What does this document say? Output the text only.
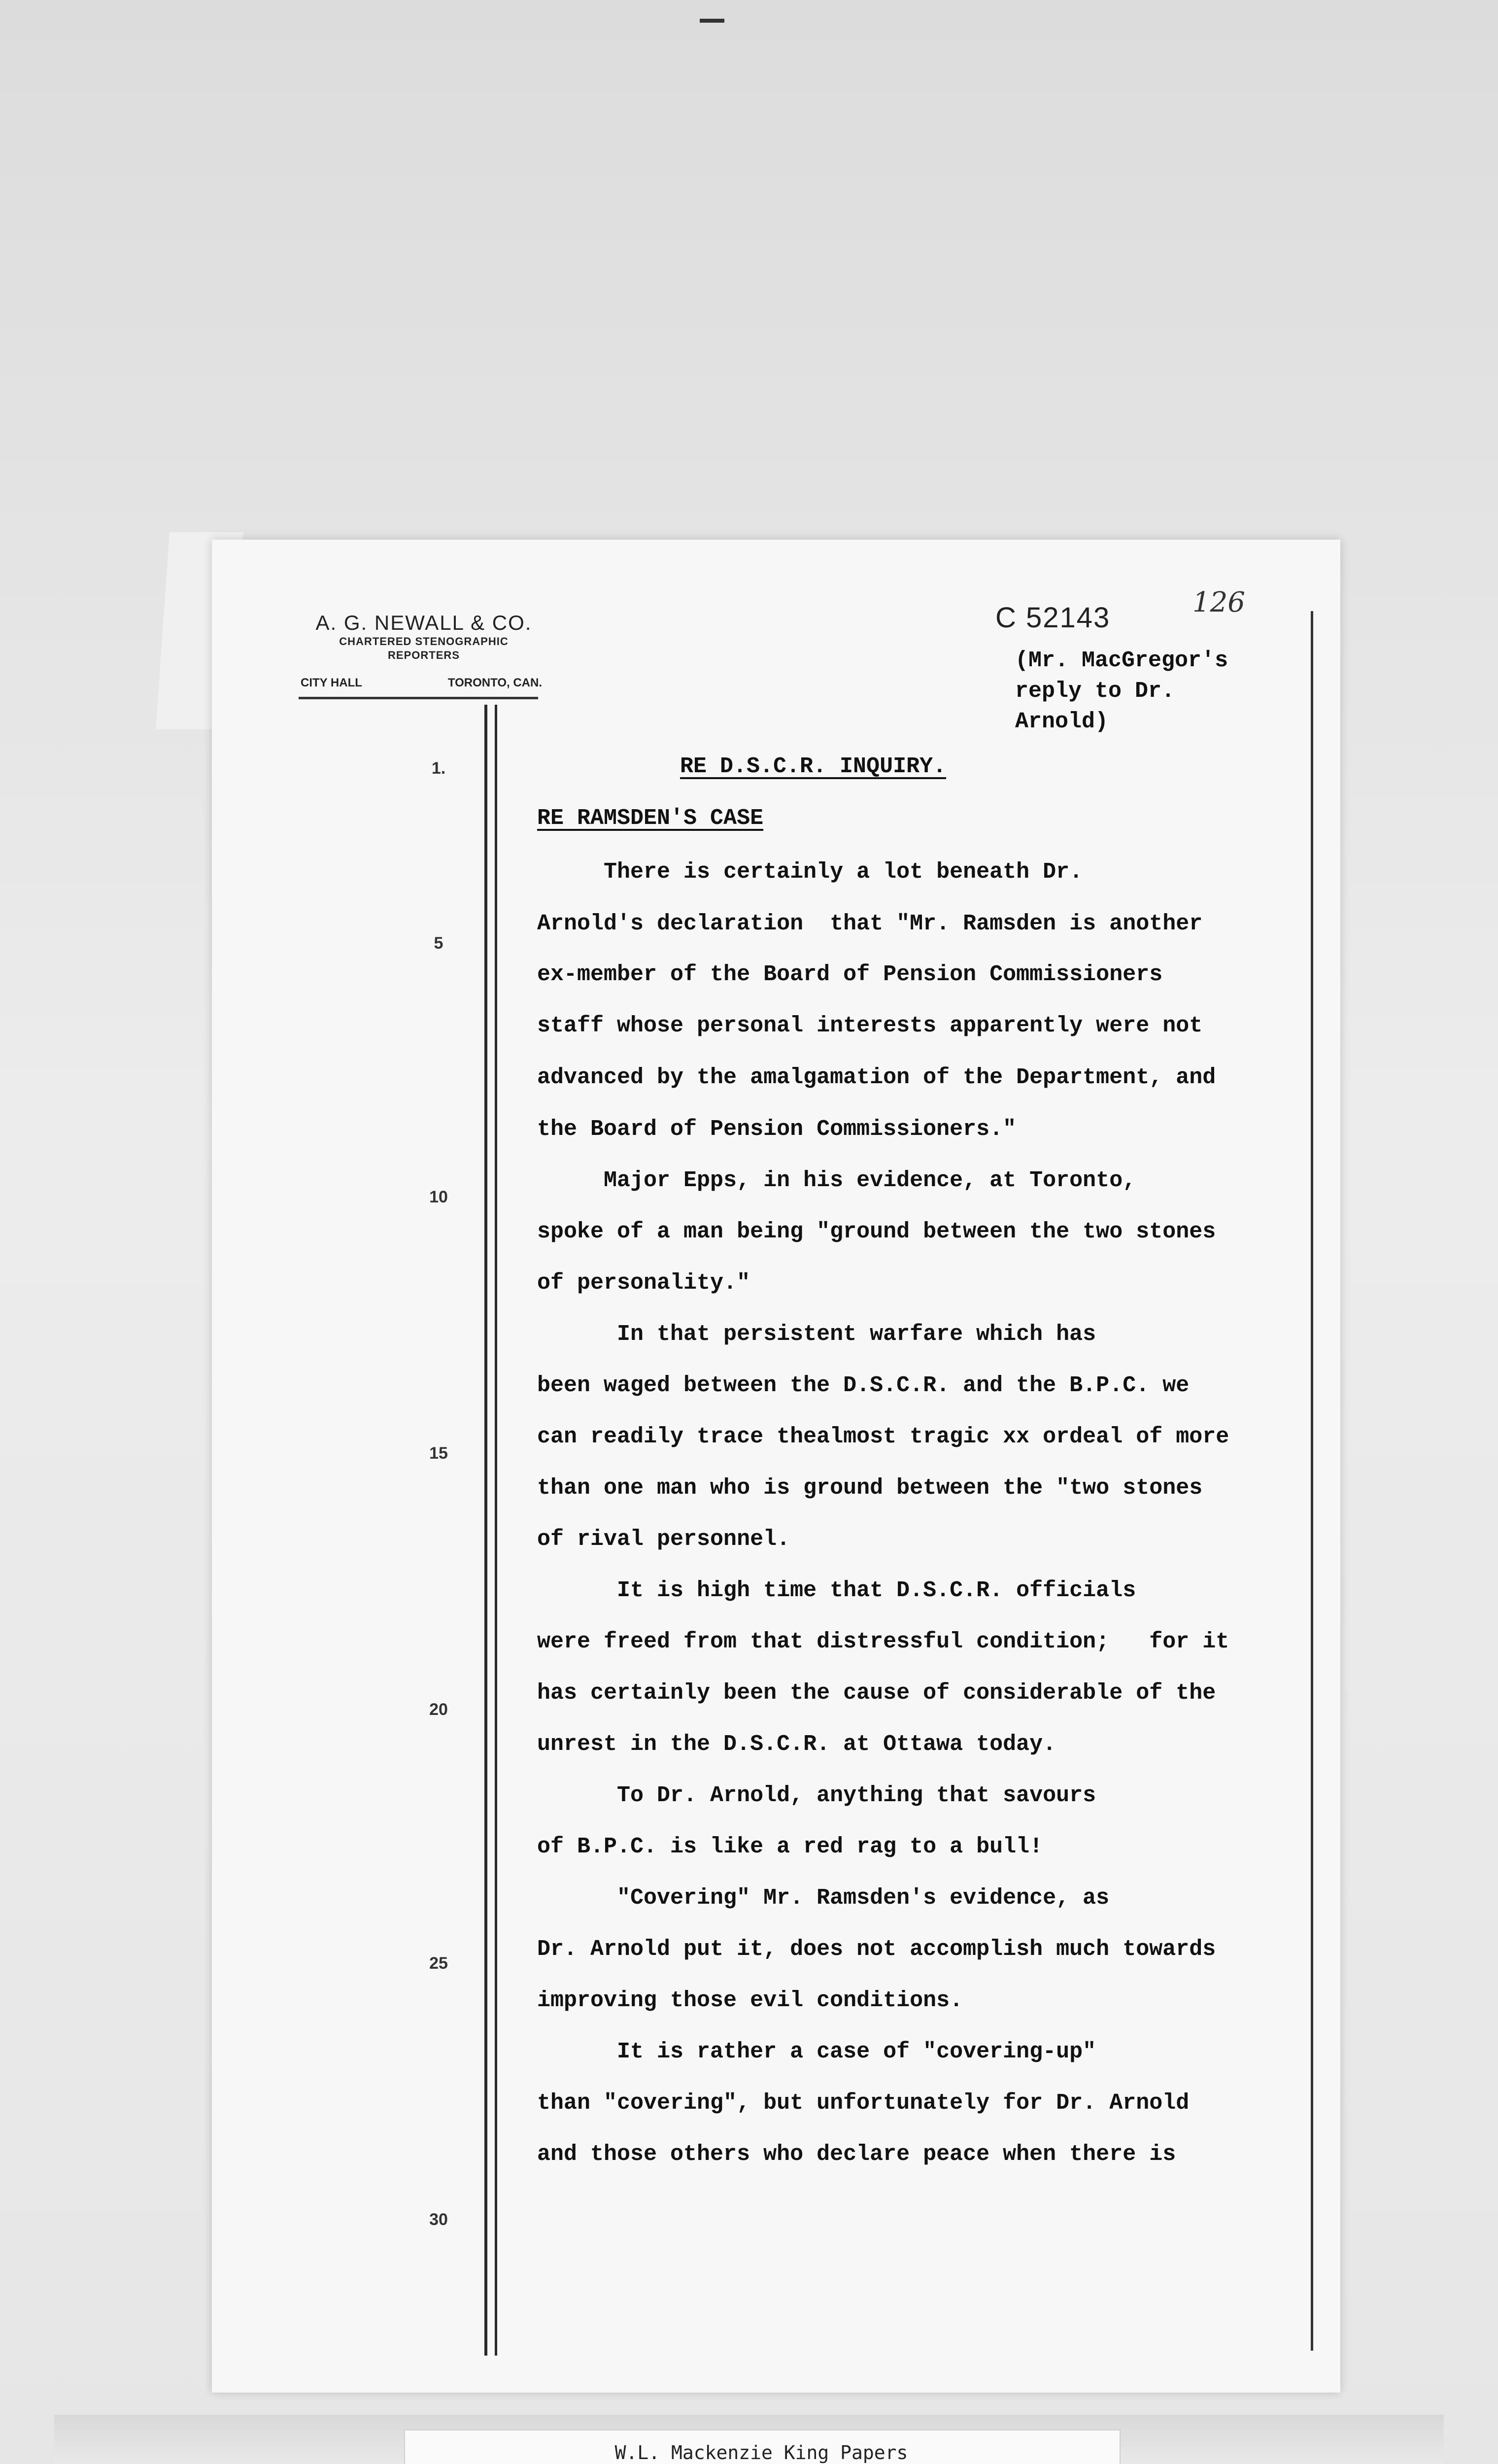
A. G. NEWALL & CO.
CHARTERED STENOGRAPHIC
REPORTERS
CITY HALL	TORONTO, CAN.
C 52143	126
(Mr. MacGregor's
reply to Dr.
Arnold)
1.
5
10
15
20
25
30
RE D.S.C.R. INQUIRY.
RE RAMSDEN'S CASE
There is certainly a lot beneath Dr.
Arnold's declaration  that "Mr. Ramsden is another
ex-member of the Board of Pension Commissioners
staff whose personal interests apparently were not
advanced by the amalgamation of the Department, and
the Board of Pension Commissioners."
Major Epps, in his evidence, at Toronto,
spoke of a man being "ground between the two stones
of personality."
In that persistent warfare which has
been waged between the D.S.C.R. and the B.P.C. we
can readily trace thealmost tragic xx ordeal of more
than one man who is ground between the "two stones
of rival personnel.
It is high time that D.S.C.R. officials
were freed from that distressful condition;   for it
has certainly been the cause of considerable of the
unrest in the D.S.C.R. at Ottawa today.
To Dr. Arnold, anything that savours
of B.P.C. is like a red rag to a bull!
"Covering" Mr. Ramsden's evidence, as
Dr. Arnold put it, does not accomplish much towards
improving those evil conditions.
It is rather a case of "covering-up"
than "covering", but unfortunately for Dr. Arnold
and those others who declare peace when there is
W.L. Mackenzie King Papers
